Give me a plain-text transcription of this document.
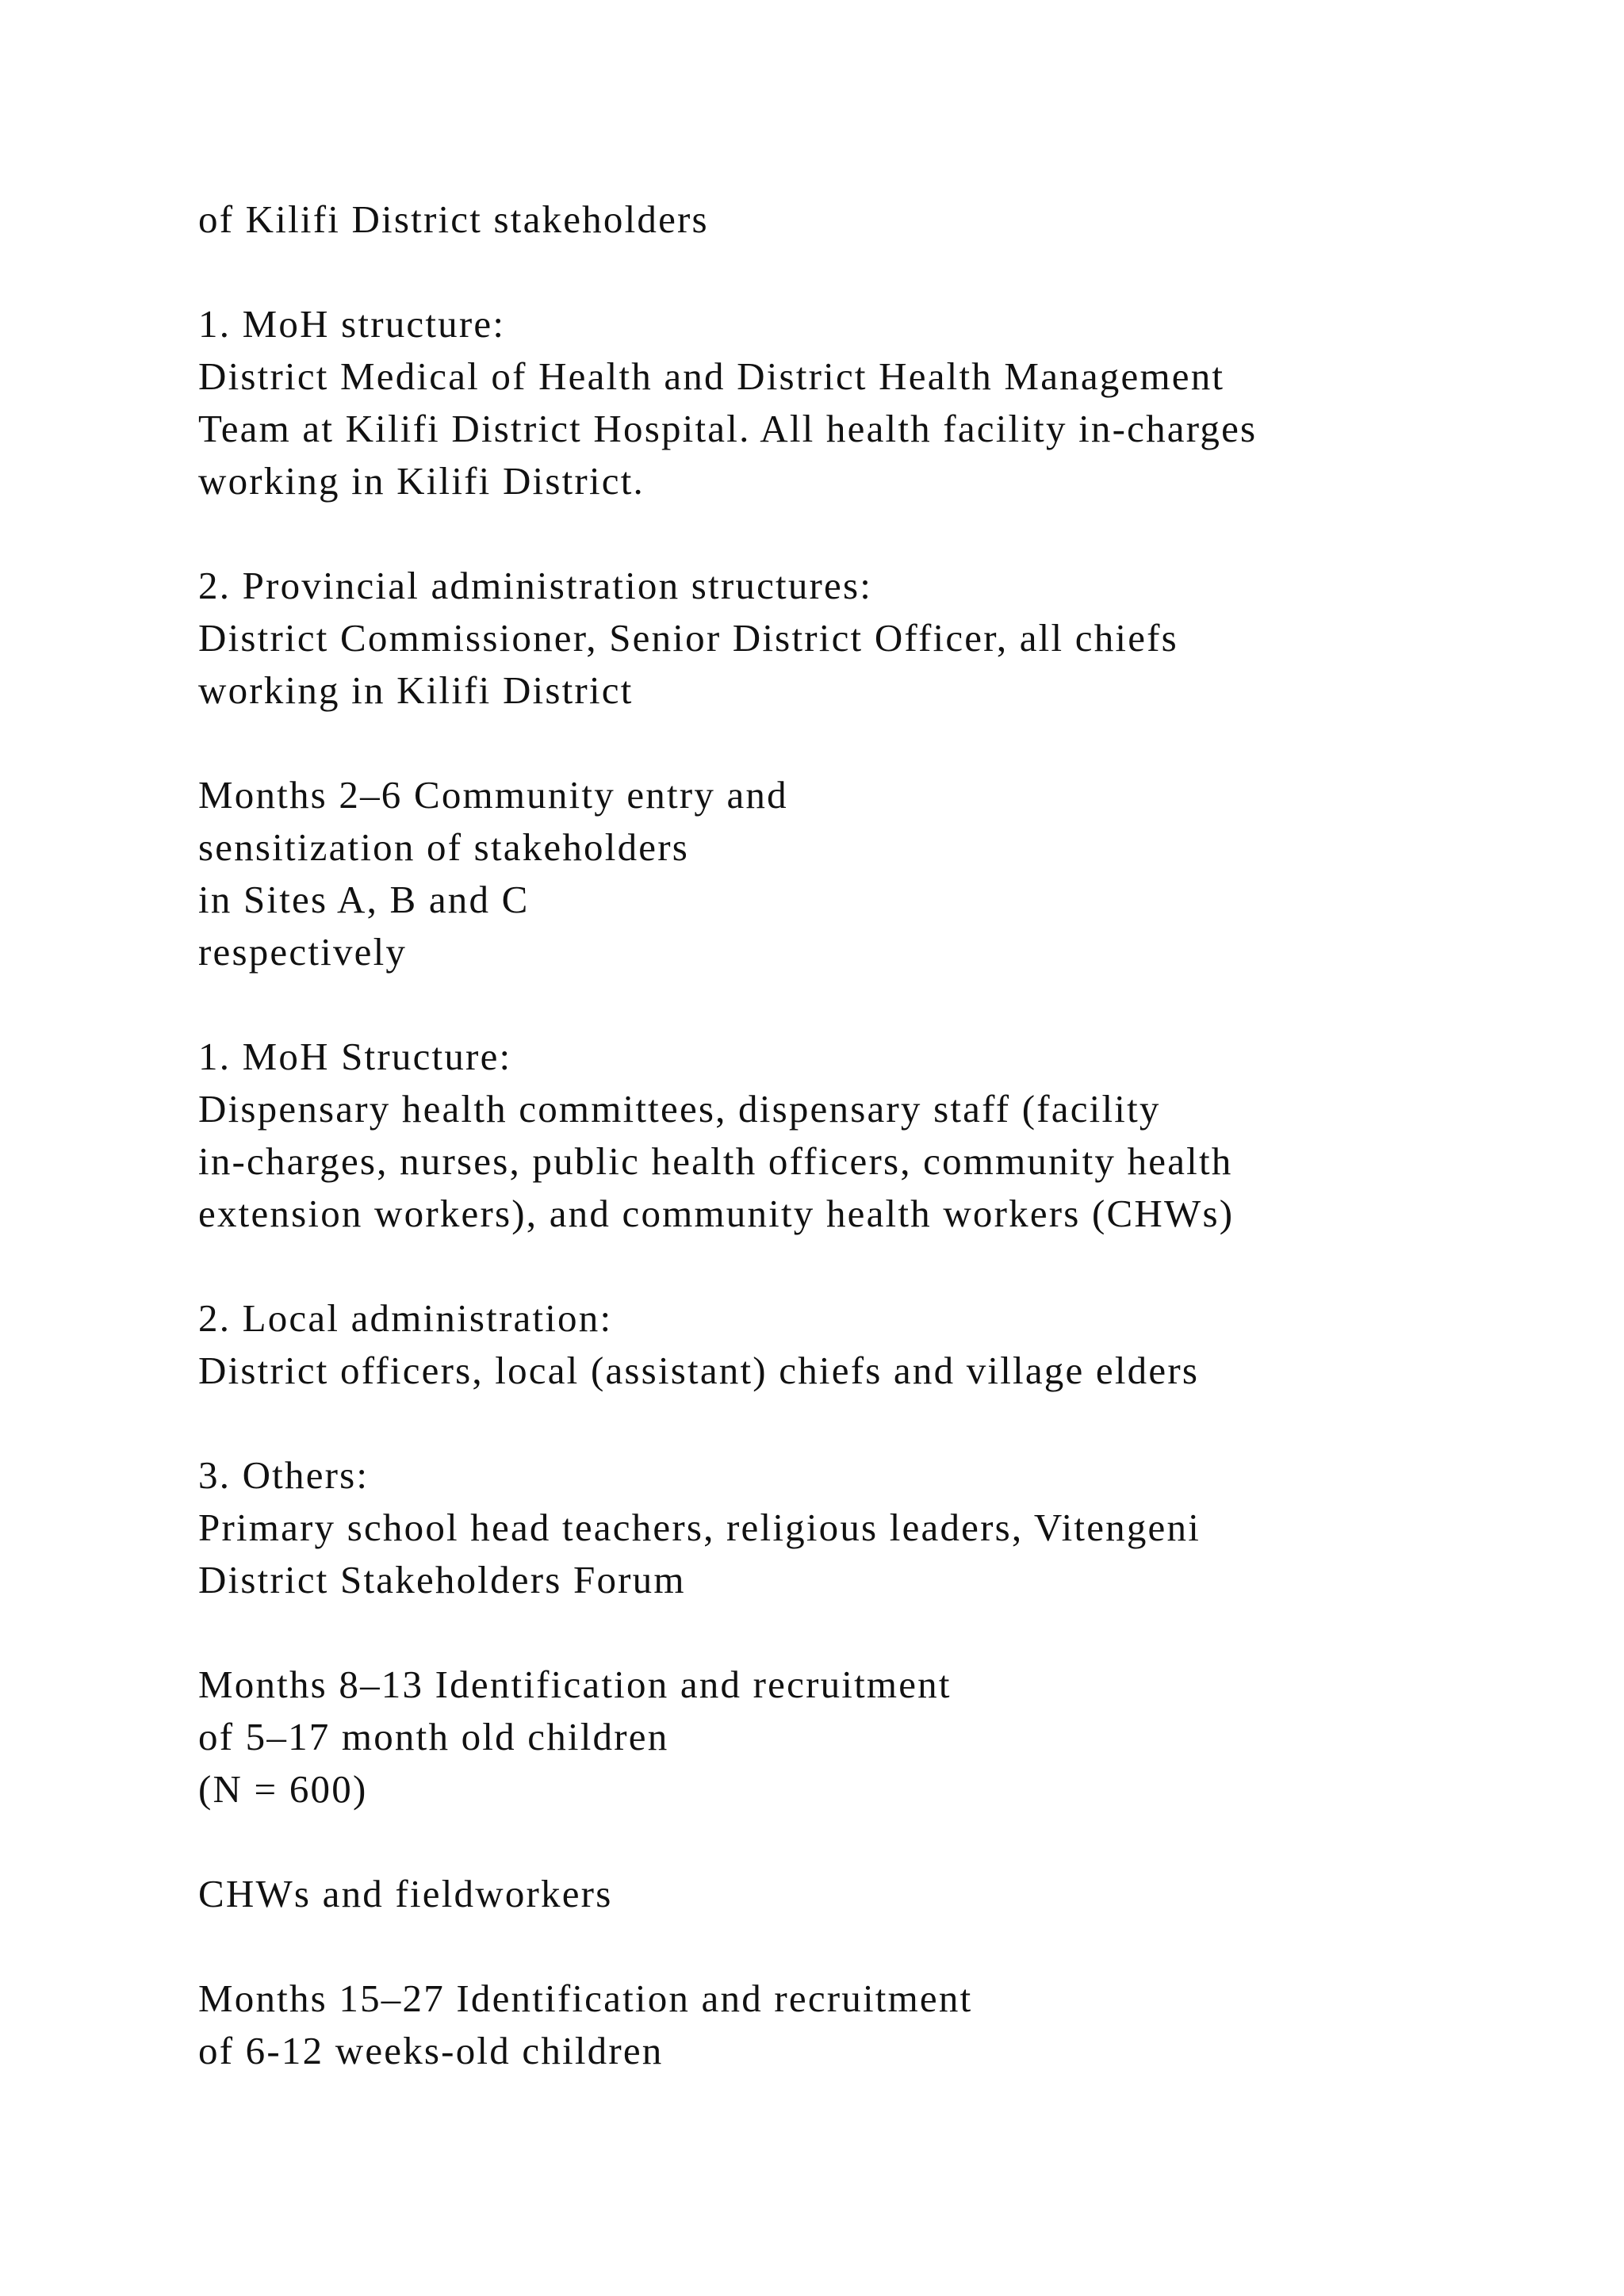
of Kilifi District stakeholders
1. MoH structure:
District Medical of Health and District Health Management
Team at Kilifi District Hospital. All health facility in-charges
working in Kilifi District.
2. Provincial administration structures:
District Commissioner, Senior District Officer, all chiefs
working in Kilifi District
Months 2–6 Community entry and
sensitization of stakeholders
in Sites A, B and C
respectively
1. MoH Structure:
Dispensary health committees, dispensary staff (facility
in-charges, nurses, public health officers, community health
extension workers), and community health workers (CHWs)
2. Local administration:
District officers, local (assistant) chiefs and village elders
3. Others:
Primary school head teachers, religious leaders, Vitengeni
District Stakeholders Forum
Months 8–13 Identification and recruitment
of 5–17 month old children
(N = 600)
CHWs and fieldworkers
Months 15–27 Identification and recruitment
of 6-12 weeks-old children
